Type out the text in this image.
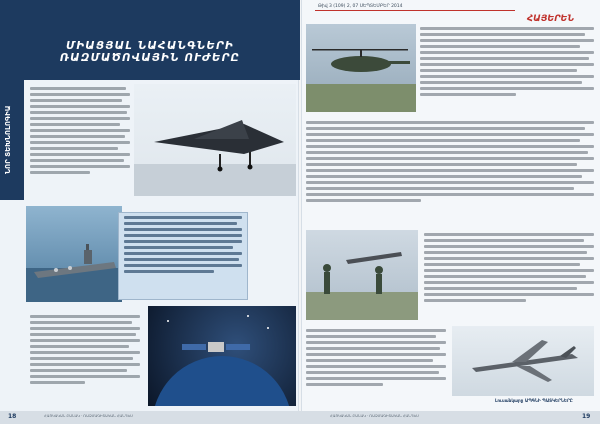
ՄԻԱՑՅԱԼ ՆԱՀԱՆԳՆԵՐԻ ՌԱԶՄԱԾՈՎԱՅԻՆ ՈՒԺԵՐԸ
ՆՈՐ ՏԵԽՆՈԼՈԳԻԱ
18	ՀԱՅԿԱԿԱՆ ԲԱՆԱԿ · ՌԱԶՄԱԳԻՏԱԿԱՆ ՀԱՆԴԵՍ
Թիվ 3 (109) 2, 07 ՍԵՊՏԵՄԲԵՐ 2014
ՀԱՅԵՐԵՆ
Լուսանկարը ԱՊԳՆԻ ՊԱՏԿԵՐՆԵՐԸ
ՀԱՅԿԱԿԱՆ ԲԱՆԱԿ · ՌԱԶՄԱԳԻՏԱԿԱՆ ՀԱՆԴԵՍ	19
